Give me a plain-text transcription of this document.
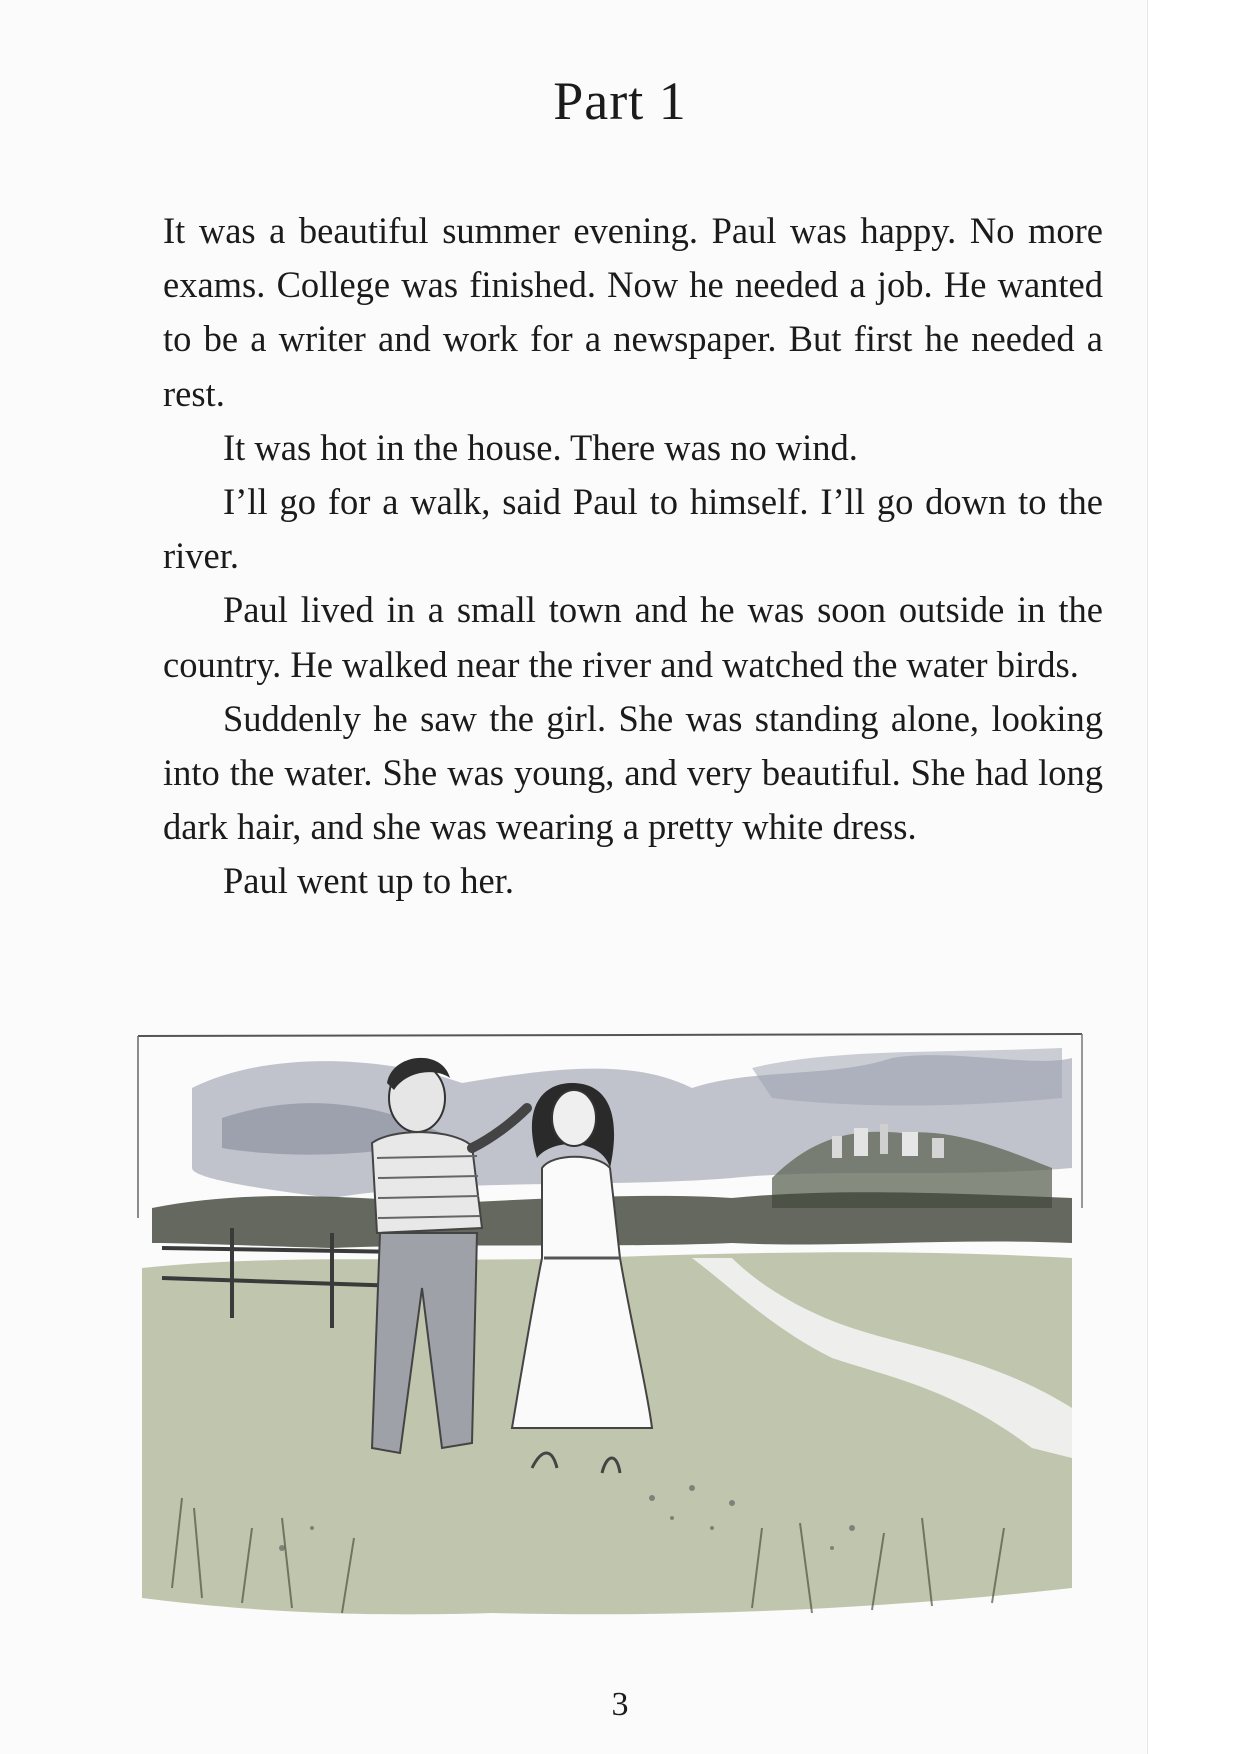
Part 1

It was a beautiful summer evening. Paul was happy. No more exams. College was finished. Now he needed a job. He wanted to be a writer and work for a newspaper. But first he needed a rest.

It was hot in the house. There was no wind.

I’ll go for a walk, said Paul to himself. I’ll go down to the river.

Paul lived in a small town and he was soon outside in the country. He walked near the river and watched the water birds.

Suddenly he saw the girl. She was standing alone, looking into the water. She was young, and very beautiful. She had long dark hair, and she was wearing a pretty white dress.

Paul went up to her.

3
